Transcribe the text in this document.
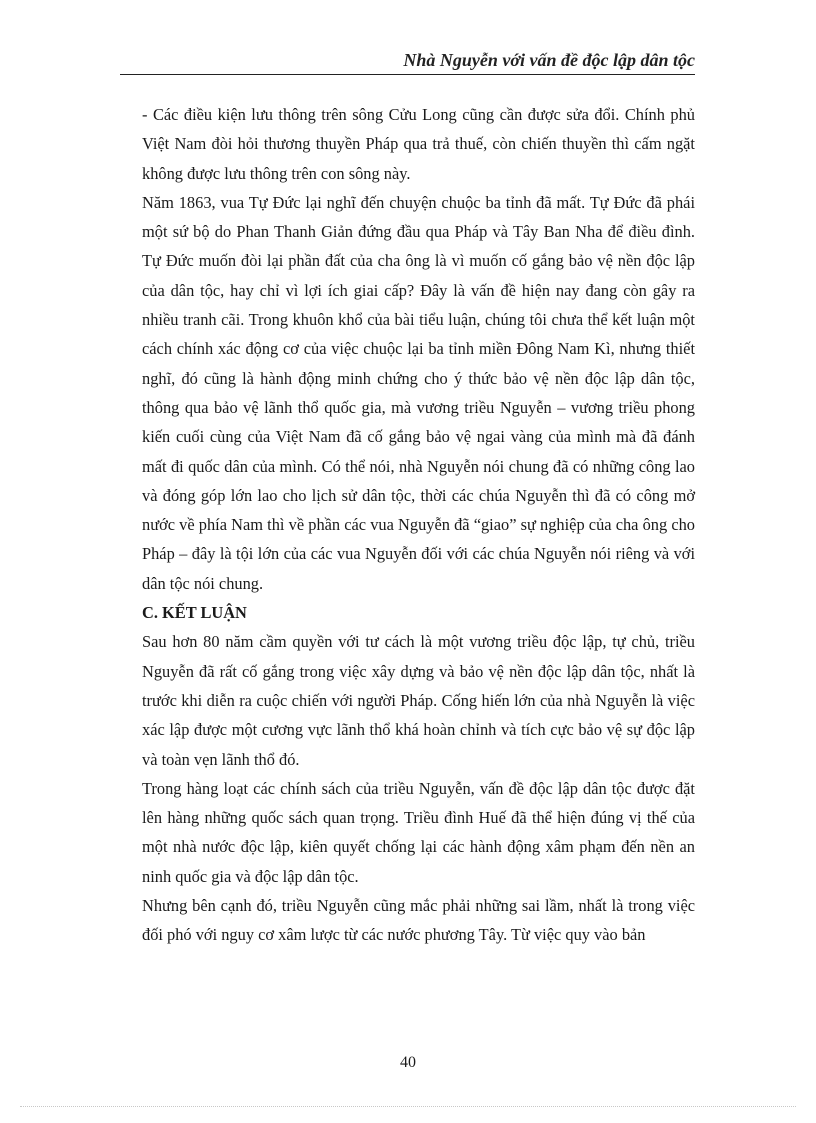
Nhà Nguyễn với vấn đề độc lập dân tộc

- Các điều kiện lưu thông trên sông Cửu Long cũng cần được sửa đổi. Chính phủ Việt Nam đòi hỏi thương thuyền Pháp qua trả thuế, còn chiến thuyền thì cấm ngặt không được lưu thông trên con sông này.

Năm 1863, vua Tự Đức lại nghĩ đến chuyện chuộc ba tỉnh đã mất. Tự Đức đã phái một sứ bộ do Phan Thanh Giản đứng đầu qua Pháp và Tây Ban Nha để điều đình. Tự Đức muốn đòi lại phần đất của cha ông là vì muốn cố gắng bảo vệ nền độc lập của dân tộc, hay chỉ vì lợi ích giai cấp? Đây là vấn đề hiện nay đang còn gây ra nhiều tranh cãi. Trong khuôn khổ của bài tiểu luận, chúng tôi chưa thể kết luận một cách chính xác động cơ của việc chuộc lại ba tỉnh miền Đông Nam Kì, nhưng thiết nghĩ, đó cũng là hành động minh chứng cho ý thức bảo vệ nền độc lập dân tộc, thông qua bảo vệ lãnh thổ quốc gia, mà vương triều Nguyễn – vương triều phong kiến cuối cùng của Việt Nam đã cố gắng bảo vệ ngai vàng của mình mà đã đánh mất đi quốc dân của mình. Có thể nói, nhà Nguyễn nói chung đã có những công lao và đóng góp lớn lao cho lịch sử dân tộc, thời các chúa Nguyễn thì đã có công mở nước về phía Nam thì về phần các vua Nguyễn đã “giao” sự nghiệp của cha ông cho Pháp – đây là tội lớn của các vua Nguyễn đối với các chúa Nguyễn nói riêng và với dân tộc nói chung.

C. KẾT LUẬN

Sau hơn 80 năm cầm quyền với tư cách là một vương triều độc lập, tự chủ, triều Nguyễn đã rất cố gắng trong việc xây dựng và bảo vệ nền độc lập dân tộc, nhất là trước khi diễn ra cuộc chiến với người Pháp. Cống hiến lớn của nhà Nguyễn là việc xác lập được một cương vực lãnh thổ khá hoàn chỉnh và tích cực bảo vệ sự độc lập và toàn vẹn lãnh thổ đó.

Trong hàng loạt các chính sách của triều Nguyễn, vấn đề độc lập dân tộc được đặt lên hàng những quốc sách quan trọng. Triều đình Huế đã thể hiện đúng vị thế của một nhà nước độc lập, kiên quyết chống lại các hành động xâm phạm đến nền an ninh quốc gia và độc lập dân tộc.

Nhưng bên cạnh đó, triều Nguyễn cũng mắc phải những sai lầm, nhất là trong việc đối phó với nguy cơ xâm lược từ các nước phương Tây. Từ việc quy vào bản

40
